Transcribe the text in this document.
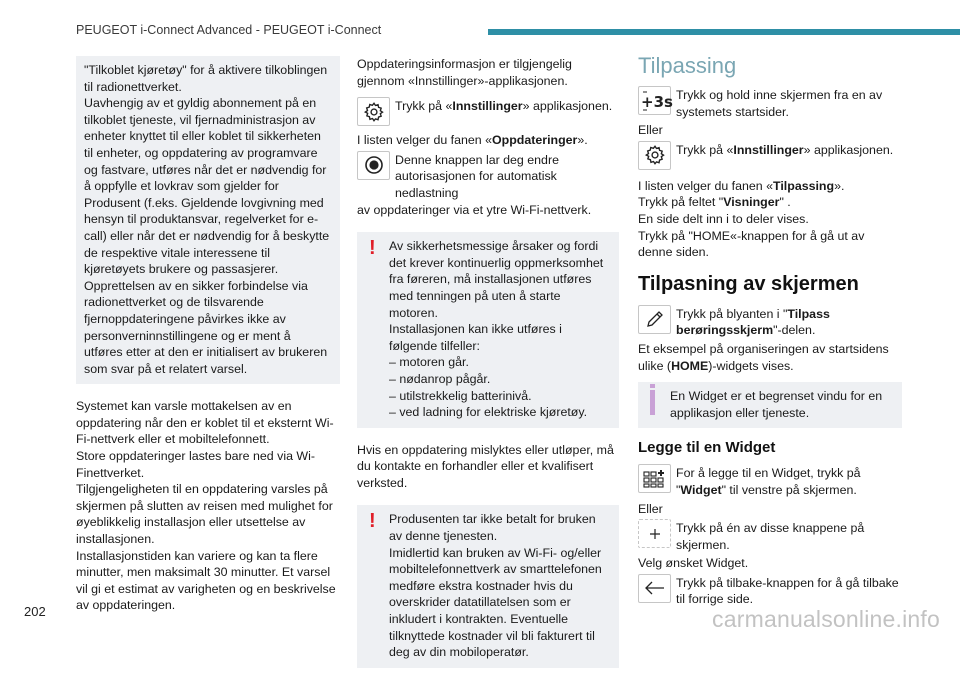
PEUGEOT i-Connect Advanced - PEUGEOT i-Connect

"Tilkoblet kjøretøy" for å aktivere tilkoblingen til radionettverket.
Uavhengig av et gyldig abonnement på en tilkoblet tjeneste, vil fjernadministrasjon av enheter knyttet til eller koblet til sikkerheten til enheter, og oppdatering av programvare og fastvare, utføres når det er nødvendig for å oppfylle et lovkrav som gjelder for Produsent (f.eks. Gjeldende lovgivning med hensyn til produktansvar, regelverket for e-call) eller når det er nødvendig for å beskytte de respektive vitale interessene til kjøretøyets brukere og passasjerer.
Opprettelsen av en sikker forbindelse via radionettverket og de tilsvarende fjernoppdateringene påvirkes ikke av personverninnstillingene og er ment å utføres etter at den er initialisert av brukeren som svar på et relatert varsel.

Systemet kan varsle mottakelsen av en oppdatering når den er koblet til et eksternt Wi-Fi-nettverk eller et mobiltelefonnett.
Store oppdateringer lastes bare ned via Wi-Finettverket.
Tilgjengeligheten til en oppdatering varsles på skjermen på slutten av reisen med mulighet for øyeblikkelig installasjon eller utsettelse av installasjonen.
Installasjonstiden kan variere og kan ta flere minutter, men maksimalt 30 minutter. Et varsel vil gi et estimat av varigheten og en beskrivelse av oppdateringen.

Oppdateringsinformasjon er tilgjengelig gjennom «Innstillinger»-applikasjonen.

Trykk på «Innstillinger» applikasjonen.

I listen velger du fanen «Oppdateringer».

Denne knappen lar deg endre autorisasjonen for automatisk nedlastning

av oppdateringer via et ytre Wi-Fi-nettverk.

! Av sikkerhetsmessige årsaker og fordi det krever kontinuerlig oppmerksomhet fra føreren, må installasjonen utføres med tenningen på uten å starte motoren.
Installasjonen kan ikke utføres i følgende tilfeller:
– motoren går.
– nødanrop pågår.
– utilstrekkelig batterinivå.
– ved ladning for elektriske kjøretøy.

Hvis en oppdatering mislyktes eller utløper, må du kontakte en forhandler eller et kvalifisert verksted.

! Produsenten tar ikke betalt for bruken av denne tjenesten.
Imidlertid kan bruken av Wi-Fi- og/eller mobiltelefonnettverk av smarttelefonen medføre ekstra kostnader hvis du overskrider datatillatelsen som er inkludert i kontrakten. Eventuelle tilknyttede kostnader vil bli fakturert til deg av din mobiloperatør.

Tilpassing
+3s Trykk og hold inne skjermen fra en av systemets startsider.

Eller

Trykk på «Innstillinger» applikasjonen.

I listen velger du fanen «Tilpassing».

Trykk på feltet "Visninger" .

En side delt inn i to deler vises.

Trykk på "HOME«-knappen for å gå ut av denne siden.

Tilpasning av skjermen
Trykk på blyanten i "Tilpass berøringsskjerm"-delen.

Et eksempel på organiseringen av startsidens ulike (HOME)-widgets vises.

En Widget er et begrenset vindu for en applikasjon eller tjeneste.

Legge til en Widget
For å legge til en Widget, trykk på "Widget" til venstre på skjermen.

Eller

Trykk på én av disse knappene på skjermen.

Velg ønsket Widget.

Trykk på tilbake-knappen for å gå tilbake til forrige side.
202	carmanualsonline.info
